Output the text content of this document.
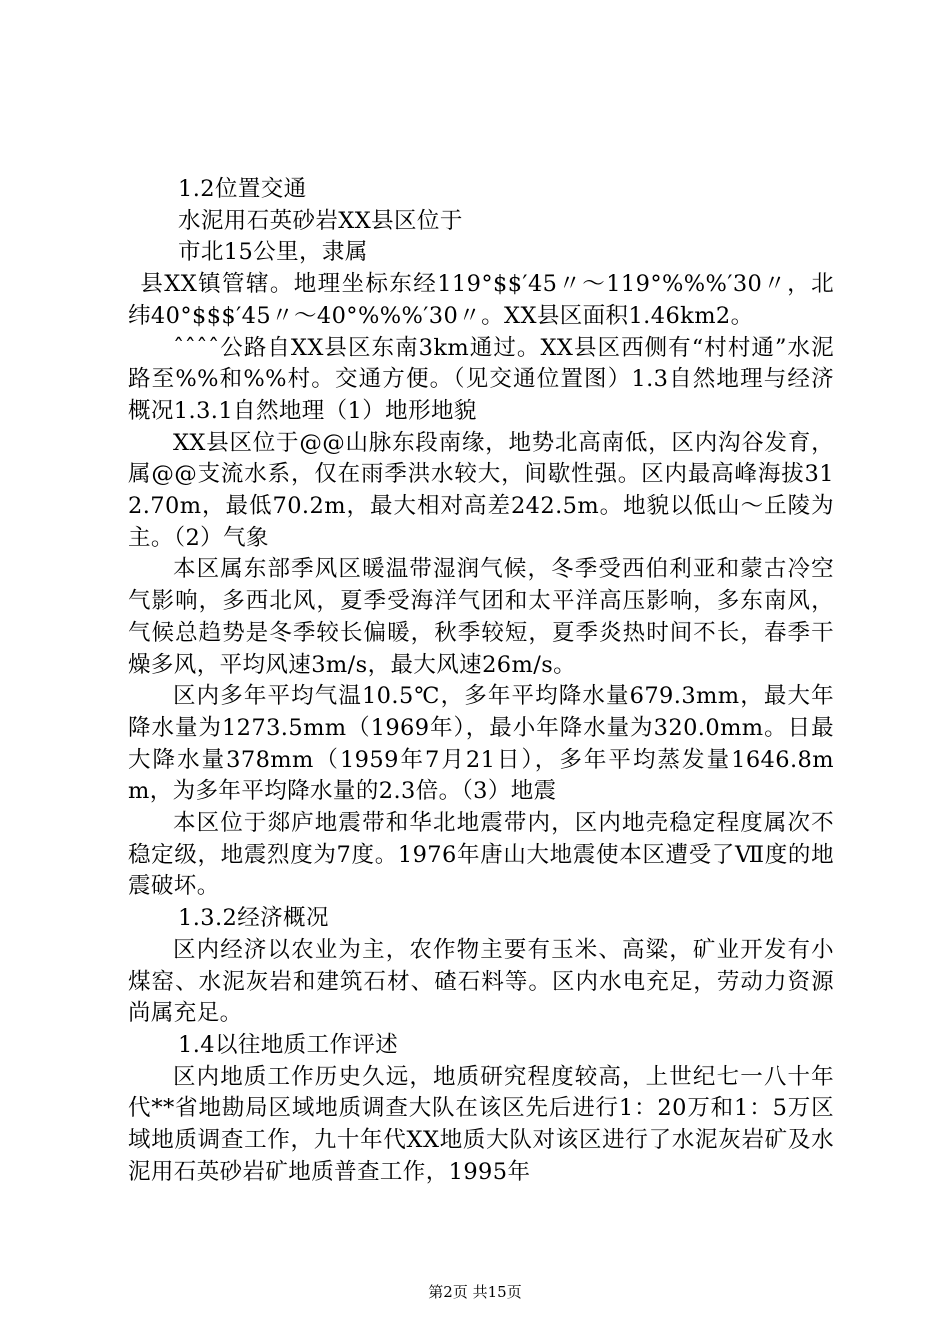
1.2位置交通

水泥用石英砂岩XX县区位于

市北15公里，隶属

县XX镇管辖。地理坐标东经119°$$′45〃～119°%%%′30〃，北纬40°$$$′45〃～40°%%%′30〃。XX县区面积1.46km2。

ˆˆˆˆ公路自XX县区东南3km通过。XX县区西侧有“村村通”水泥路至%%和%%村。交通方便。（见交通位置图）1.3自然地理与经济概况1.3.1自然地理（1）地形地貌

XX县区位于@@山脉东段南缘，地势北高南低，区内沟谷发育，属@@支流水系，仅在雨季洪水较大，间歇性强。区内最高峰海拔312.70m，最低70.2m，最大相对高差242.5m。地貌以低山～丘陵为主。（2）气象

本区属东部季风区暖温带湿润气候，冬季受西伯利亚和蒙古冷空气影响，多西北风，夏季受海洋气团和太平洋高压影响，多东南风，气候总趋势是冬季较长偏暖，秋季较短，夏季炎热时间不长，春季干燥多风，平均风速3m/s，最大风速26m/s。

区内多年平均气温10.5℃，多年平均降水量679.3mm，最大年降水量为1273.5mm（1969年），最小年降水量为320.0mm。日最大降水量378mm（1959年7月21日），多年平均蒸发量1646.8mm，为多年平均降水量的2.3倍。（3）地震

本区位于郯庐地震带和华北地震带内，区内地壳稳定程度属次不稳定级，地震烈度为7度。1976年唐山大地震使本区遭受了Ⅶ度的地震破坏。

1.3.2经济概况

区内经济以农业为主，农作物主要有玉米、高粱，矿业开发有小煤窑、水泥灰岩和建筑石材、碴石料等。区内水电充足，劳动力资源尚属充足。

1.4以往地质工作评述

区内地质工作历史久远，地质研究程度较高，上世纪七一八十年代**省地勘局区域地质调查大队在该区先后进行1：20万和1：5万区域地质调查工作，九十年代XX地质大队对该区进行了水泥灰岩矿及水泥用石英砂岩矿地质普查工作，1995年

第2页 共15页
